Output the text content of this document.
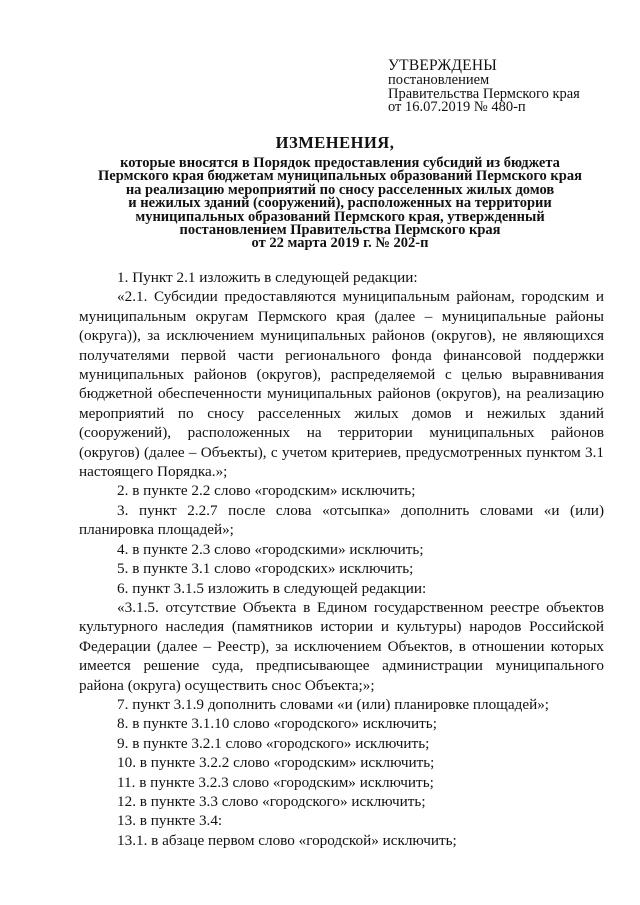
УТВЕРЖДЕНЫ
постановлением
Правительства Пермского края
от 16.07.2019 № 480-п
ИЗМЕНЕНИЯ,
которые вносятся в Порядок предоставления субсидий из бюджета
Пермского края бюджетам муниципальных образований Пермского края
на реализацию мероприятий по сносу расселенных жилых домов
и нежилых зданий (сооружений), расположенных на территории
муниципальных образований Пермского края, утвержденный
постановлением Правительства Пермского края
от 22 марта 2019 г. № 202-п

1. Пункт 2.1 изложить в следующей редакции:

«2.1. Субсидии предоставляются муниципальным районам, городским и муниципальным округам Пермского края (далее – муниципальные районы (округа)), за исключением муниципальных районов (округов), не являющихся получателями первой части регионального фонда финансовой поддержки муниципальных районов (округов), распределяемой с целью выравнивания бюджетной обеспеченности муниципальных районов (округов), на реализацию мероприятий по сносу расселенных жилых домов и нежилых зданий (сооружений), расположенных на территории муниципальных районов (округов) (далее – Объекты), с учетом критериев, предусмотренных пунктом 3.1 настоящего Порядка.»;

2. в пункте 2.2 слово «городским» исключить;

3. пункт 2.2.7 после слова «отсыпка» дополнить словами «и (или) планировка площадей»;

4. в пункте 2.3 слово «городскими» исключить;

5. в пункте 3.1 слово «городских» исключить;

6. пункт 3.1.5 изложить в следующей редакции:

«3.1.5. отсутствие Объекта в Едином государственном реестре объектов культурного наследия (памятников истории и культуры) народов Российской Федерации (далее – Реестр), за исключением Объектов, в отношении которых имеется решение суда, предписывающее администрации муниципального района (округа) осуществить снос Объекта;»;

7. пункт 3.1.9 дополнить словами «и (или) планировке площадей»;

8. в пункте 3.1.10 слово «городского» исключить;

9. в пункте 3.2.1 слово «городского» исключить;

10. в пункте 3.2.2 слово «городским» исключить;

11. в пункте 3.2.3 слово «городским» исключить;

12. в пункте 3.3 слово «городского» исключить;

13. в пункте 3.4:

13.1. в абзаце первом слово «городской» исключить;
